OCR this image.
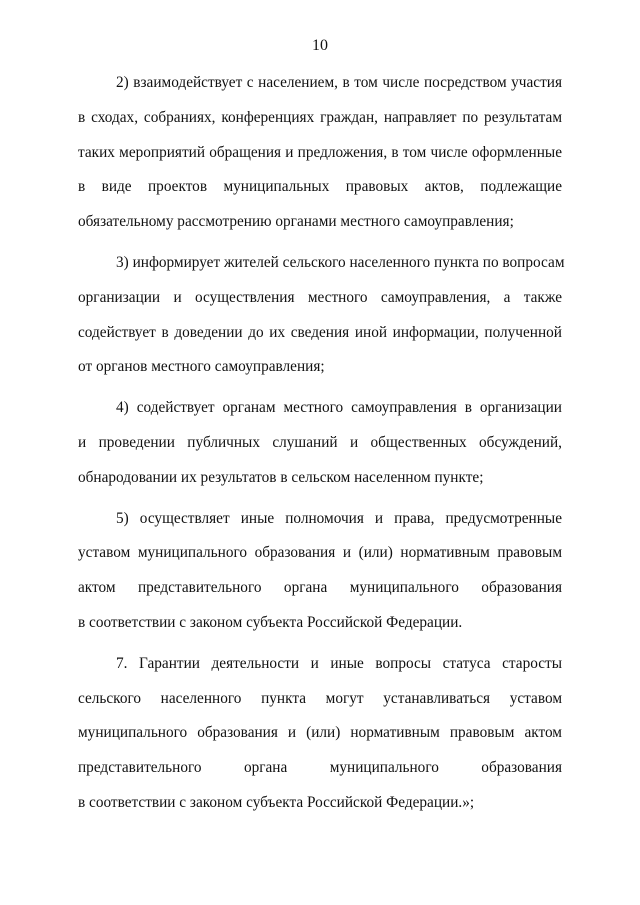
10

2) взаимодействует с населением, в том числе посредством участия
в сходах, собраниях, конференциях граждан, направляет по результатам
таких мероприятий обращения и предложения, в том числе оформленные
в виде проектов муниципальных правовых актов, подлежащие
обязательному рассмотрению органами местного самоуправления;

3) информирует жителей сельского населенного пункта по вопросам
организации и осуществления местного самоуправления, а также
содействует в доведении до их сведения иной информации, полученной
от органов местного самоуправления;

4) содействует органам местного самоуправления в организации
и проведении публичных слушаний и общественных обсуждений,
обнародовании их результатов в сельском населенном пункте;

5) осуществляет иные полномочия и права, предусмотренные
уставом муниципального образования и (или) нормативным правовым
актом представительного органа муниципального образования
в соответствии с законом субъекта Российской Федерации.

7. Гарантии деятельности и иные вопросы статуса старосты
сельского населенного пункта могут устанавливаться уставом
муниципального образования и (или) нормативным правовым актом
представительного органа муниципального образования
в соответствии с законом субъекта Российской Федерации.»;
